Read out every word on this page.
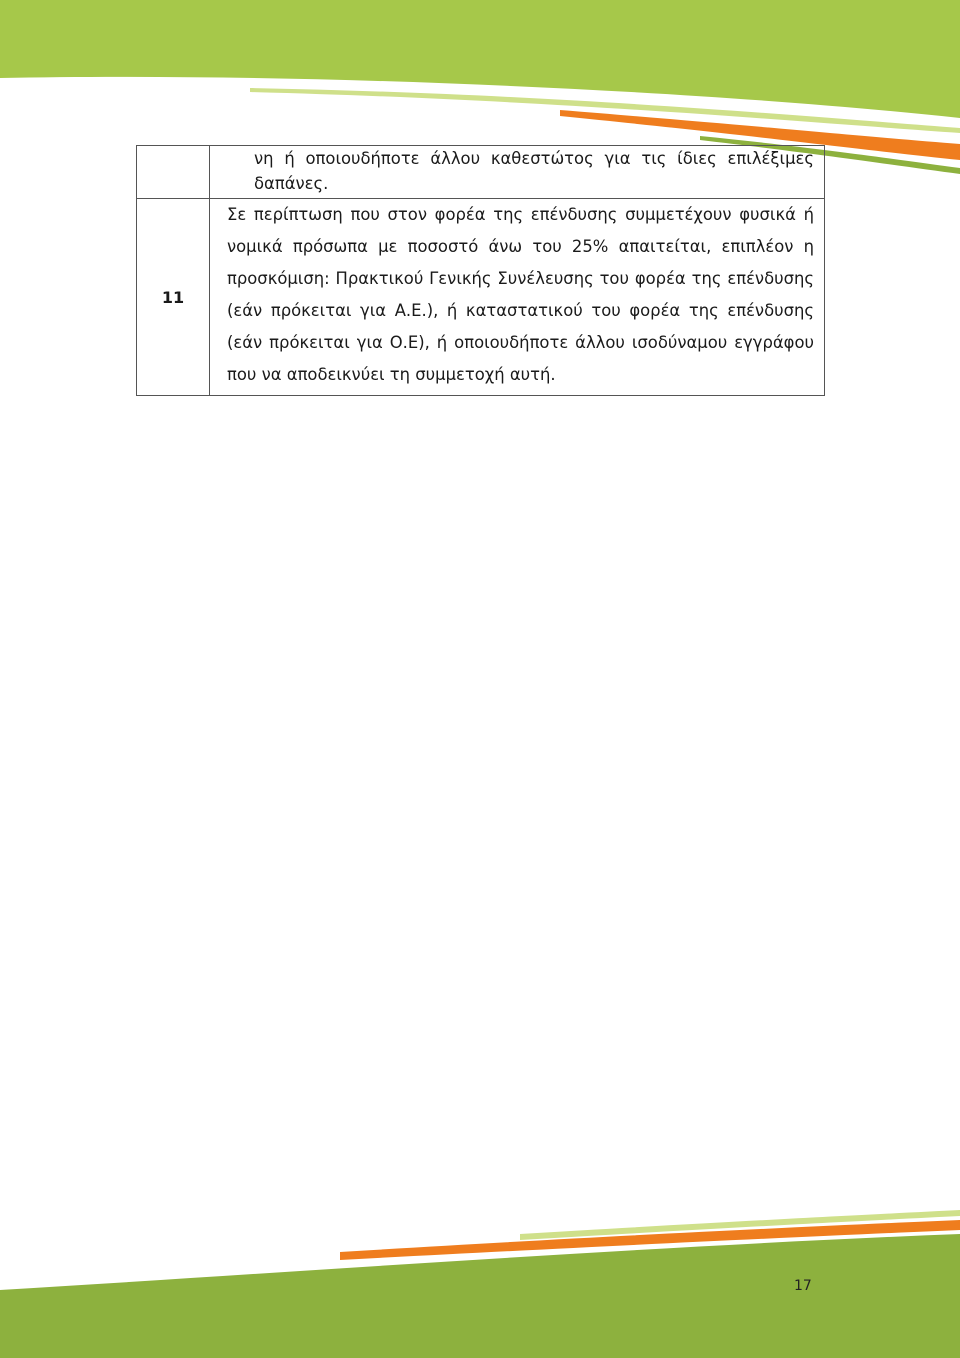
	νη ή οποιουδήποτε άλλου καθεστώτος για τις ίδιες επιλέξιμες δαπάνες.

11	Σε περίπτωση που στον φορέα της επένδυσης συμμετέχουν φυσικά ή νομικά πρόσωπα με ποσοστό άνω του 25% απαιτείται, επιπλέον η προσκόμιση: Πρακτικού Γενικής Συνέλευσης του φορέα της επένδυσης (εάν πρόκειται για Α.Ε.), ή καταστατικού του φορέα της επένδυσης (εάν πρόκειται για Ο.Ε), ή οποιουδήποτε άλλου ισοδύναμου εγγράφου που να αποδεικνύει τη συμμετοχή αυτή.

17
